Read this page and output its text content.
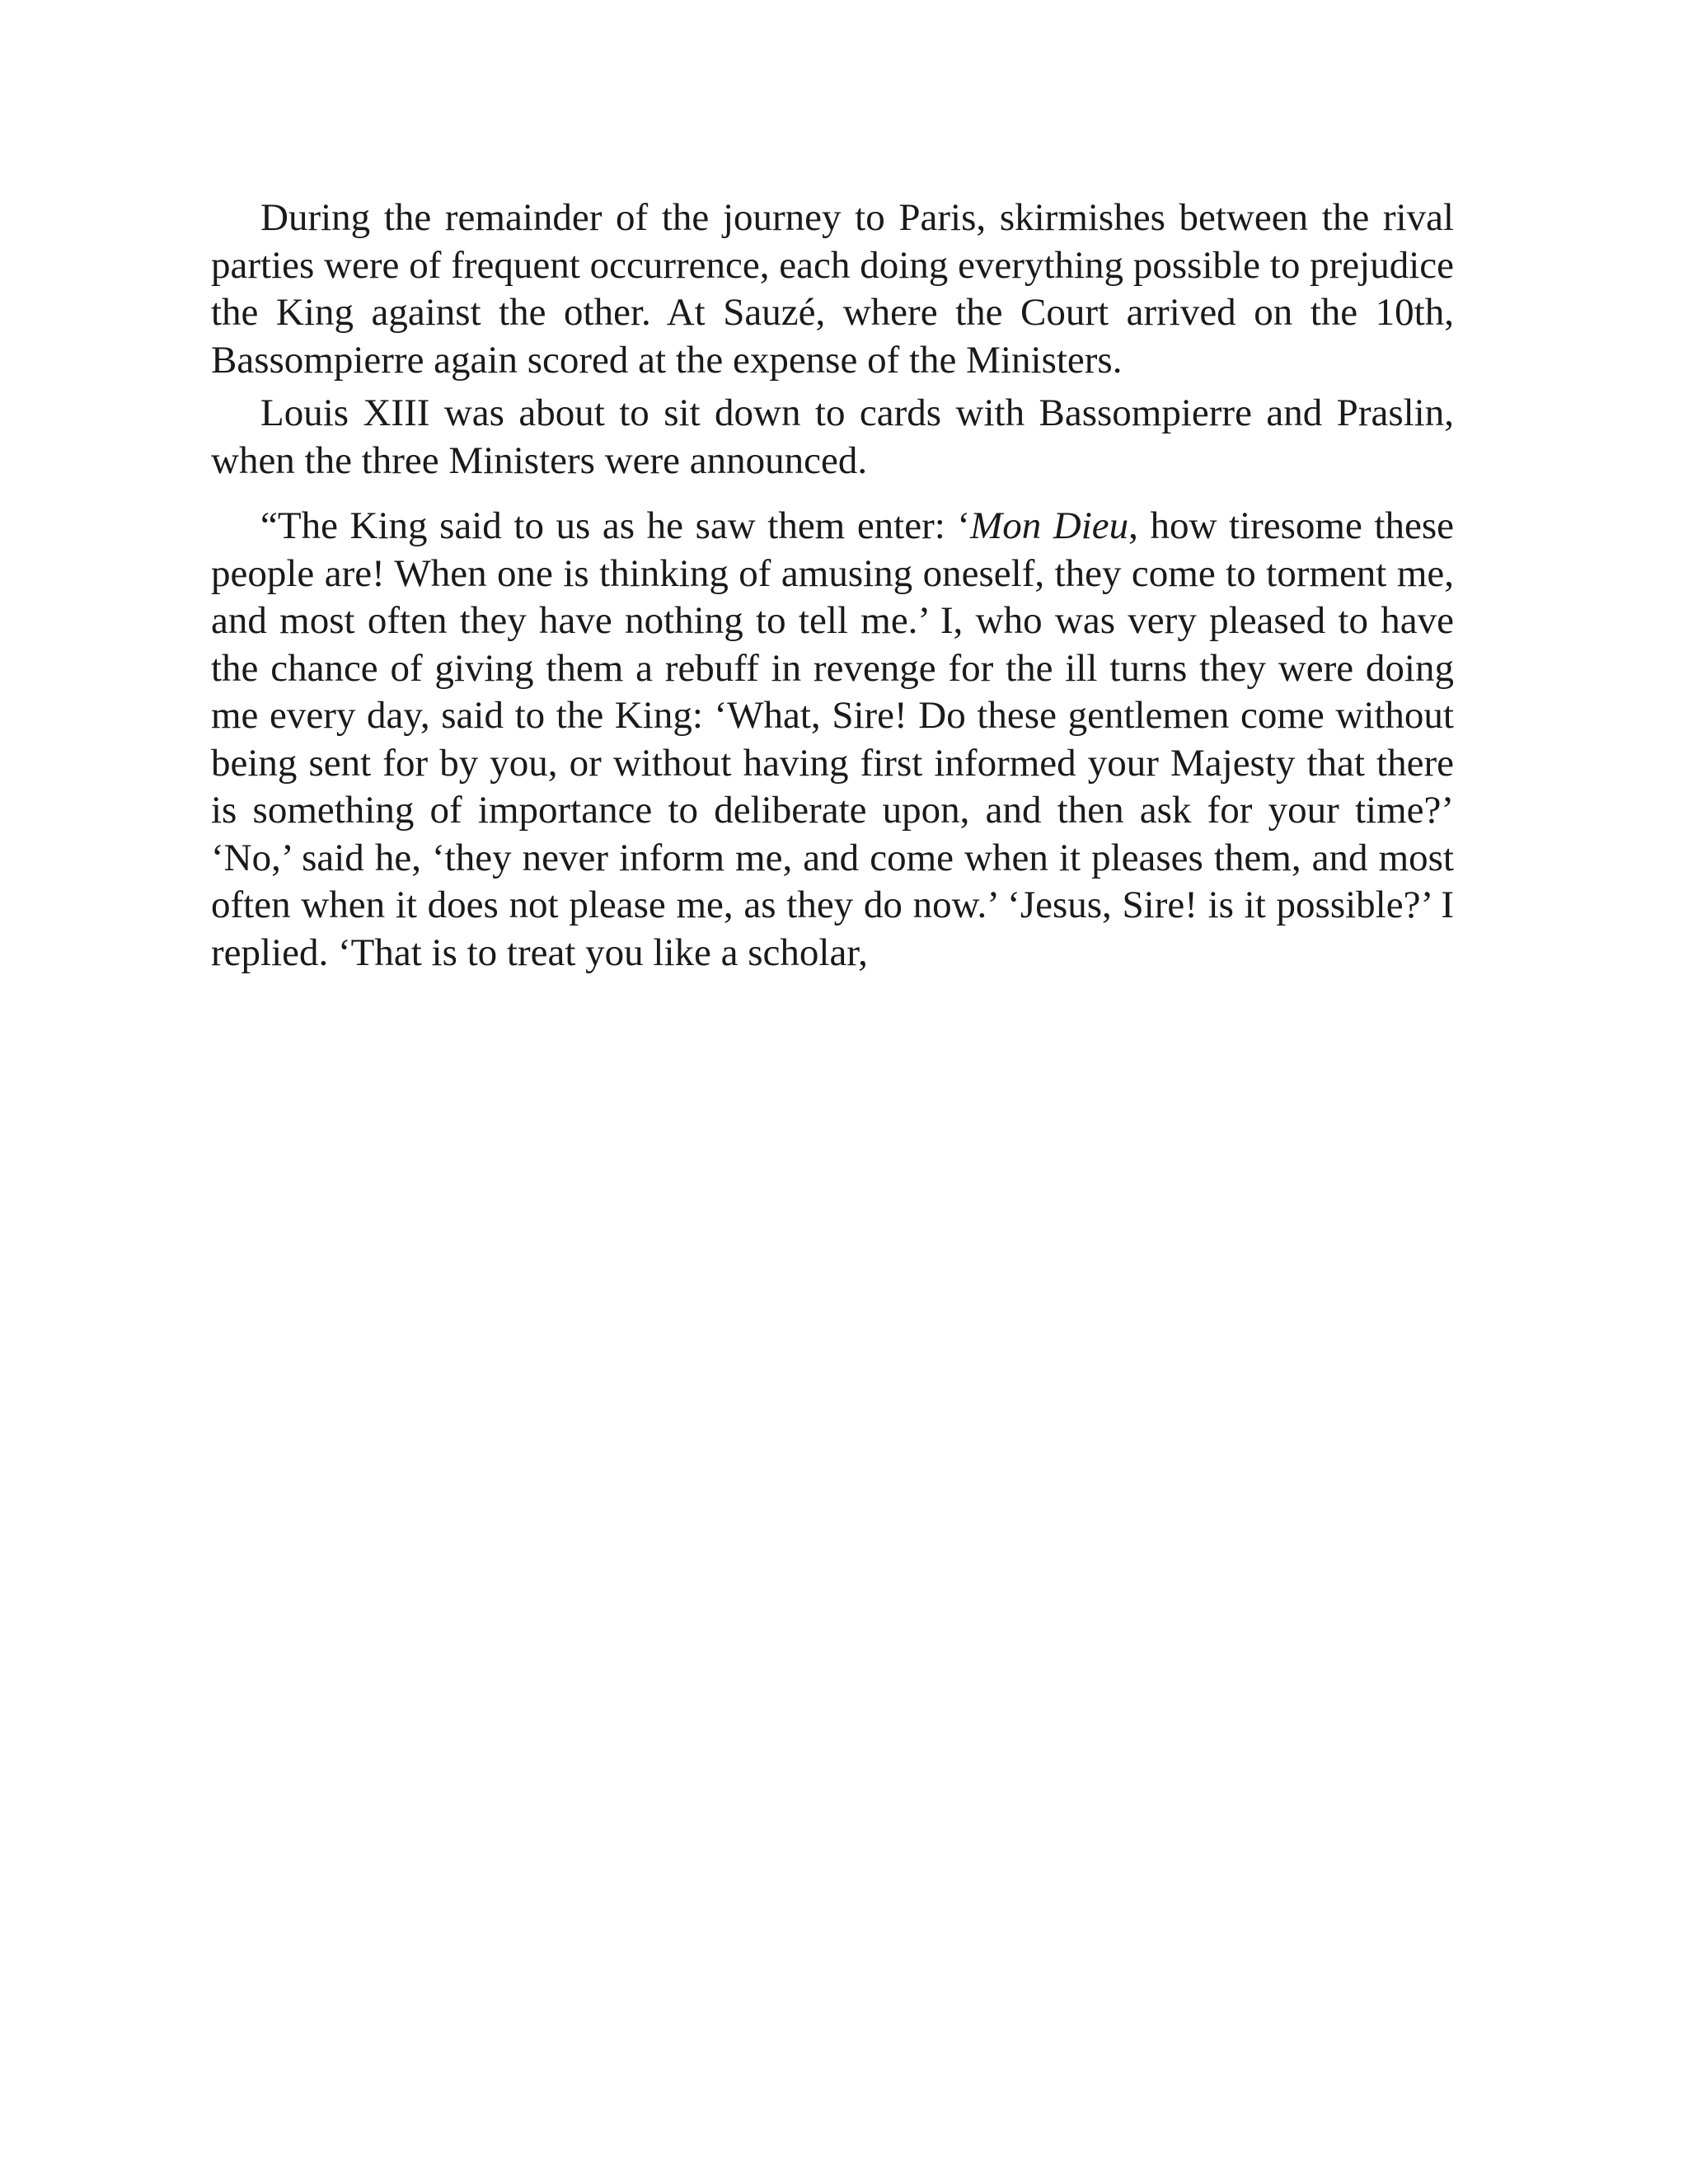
During the remainder of the journey to Paris, skirmishes between the rival parties were of frequent occurrence, each doing everything possible to prejudice the King against the other. At Sauzé, where the Court arrived on the 10th, Bassompierre again scored at the expense of the Ministers.

Louis XIII was about to sit down to cards with Bassompierre and Praslin, when the three Ministers were announced.

“The King said to us as he saw them enter: ‘Mon Dieu, how tiresome these people are! When one is thinking of amusing oneself, they come to torment me, and most often they have nothing to tell me.’ I, who was very pleased to have the chance of giving them a rebuff in revenge for the ill turns they were doing me every day, said to the King: ‘What, Sire! Do these gentlemen come without being sent for by you, or without having first informed your Majesty that there is something of importance to deliberate upon, and then ask for your time?’ ‘No,’ said he, ‘they never inform me, and come when it pleases them, and most often when it does not please me, as they do now.’ ‘Jesus, Sire! is it possible?’ I replied. ‘That is to treat you like a scholar,
